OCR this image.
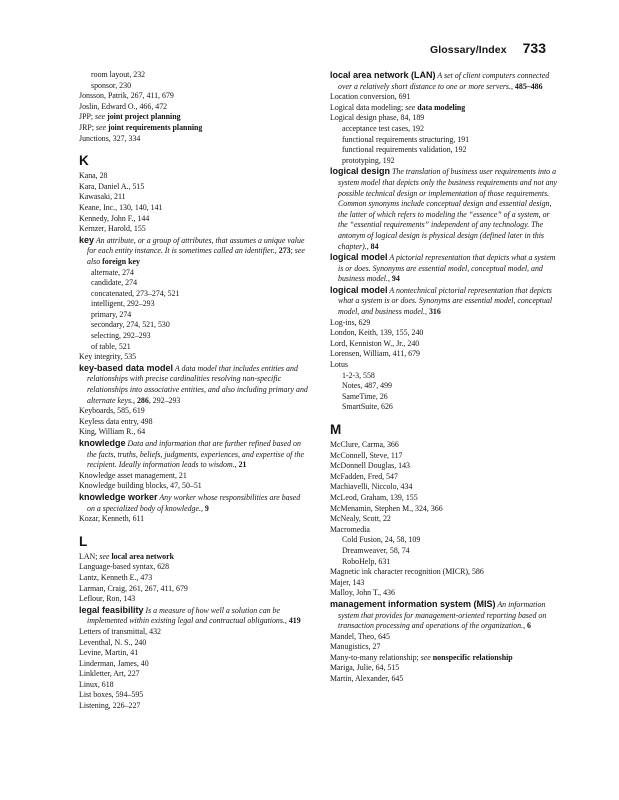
Glossary/Index 733
room layout, 232
sponsor, 230
Jonsson, Patrik, 267, 411, 679
Joslin, Edward O., 466, 472
JPP; see joint project planning
JRP; see joint requirements planning
Junctions, 327, 334
K
Kana, 28
Kara, Daniel A., 515
Kawasaki, 211
Keane, Inc., 130, 140, 141
Kennedy, John F., 144
Kernzer, Harold, 155
key An attribute, or a group of attributes, that assumes a unique value for each entity instance. It is sometimes called an identifier., 273; see also foreign key
alternate, 274
candidate, 274
concatenated, 273–274, 521
intelligent, 292–293
primary, 274
secondary, 274, 521, 530
selecting, 292–293
of table, 521
Key integrity, 535
key-based data model A data model that includes entities and relationships with precise cardinalities resolving non-specific relationships into associative entities, and also including primary and alternate keys., 286, 292–293
Keyboards, 585, 619
Keyless data entry, 498
King, William R., 64
knowledge Data and information that are further refined based on the facts, truths, beliefs, judgments, experiences, and expertise of the recipient. Ideally information leads to wisdom., 21
Knowledge asset management, 21
Knowledge building blocks, 47, 50–51
knowledge worker Any worker whose responsibilities are based on a specialized body of knowledge., 9
Kozar, Kenneth, 611
L
LAN; see local area network
Language-based syntax, 628
Lantz, Kenneth E., 473
Larman, Craig, 261, 267, 411, 679
Leflour, Ron, 143
legal feasibility Is a measure of how well a solution can be implemented within existing legal and contractual obligations., 419
Letters of transmittal, 432
Leventhal, N. S., 240
Levine, Martin, 41
Linderman, James, 40
Linkletter, Art, 227
Linux, 618
List boxes, 594–595
Listening, 226–227
local area network (LAN) A set of client computers connected over a relatively short distance to one or more servers., 485–486
Location conversion, 691
Logical data modeling; see data modeling
Logical design phase, 84, 189
acceptance test cases, 192
functional requirements structuring, 191
functional requirements validation, 192
prototyping, 192
logical design The translation of business user requirements into a system model that depicts only the business requirements and not any possible technical design or implementation of those requirements. Common synonyms include conceptual design and essential design, the latter of which refers to modeling the “essence” of a system, or the “essential requirements” independent of any technology. The antonym of logical design is physical design (defined later in this chapter)., 84
logical model A pictorial representation that depicts what a system is or does. Synonyms are essential model, conceptual model, and business model., 94
logical model A nontechnical pictorial representation that depicts what a system is or does. Synonyms are essential model, conceptual model, and business model., 316
Log-ins, 629
London, Keith, 139, 155, 240
Lord, Kenniston W., Jr., 240
Lorensen, William, 411, 679
Lotus
1-2-3, 558
Notes, 487, 499
SameTime, 26
SmartSuite, 626
M
McClure, Carma, 366
McConnell, Steve, 117
McDonnell Douglas, 143
McFadden, Fred, 547
Machiavelli, Niccolo, 434
McLeod, Graham, 139, 155
McMenamin, Stephen M., 324, 366
McNealy, Scott, 22
Macromedia
Cold Fusion, 24, 58, 109
Dreamweaver, 58, 74
RoboHelp, 631
Magnetic ink character recognition (MICR), 586
Majer, 143
Malloy, John T., 436
management information system (MIS) An information system that provides for management-oriented reporting based on transaction processing and operations of the organization., 6
Mandel, Theo, 645
Manugistics, 27
Many-to-many relationship; see nonspecific relationship
Mariga, Julie, 64, 515
Martin, Alexander, 645
